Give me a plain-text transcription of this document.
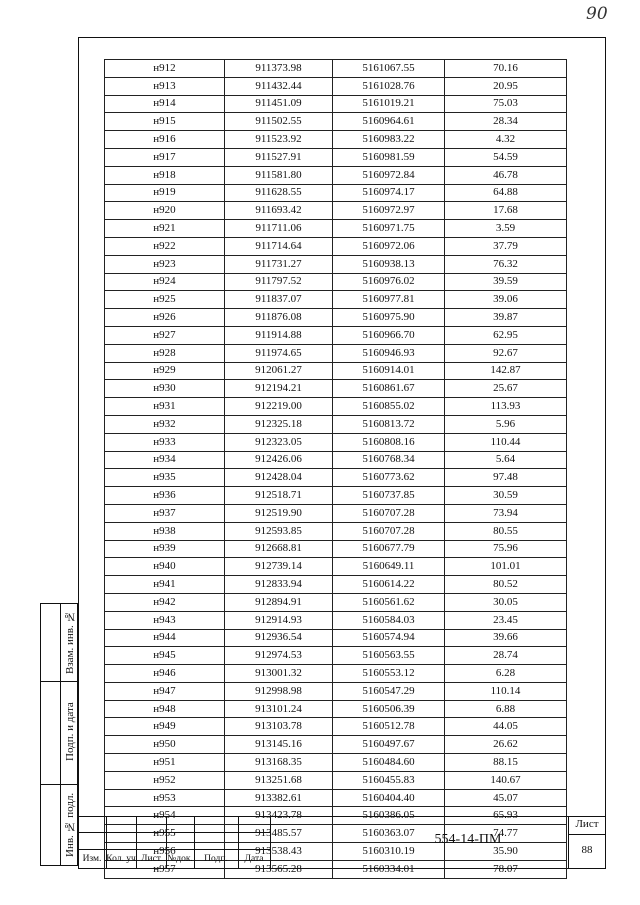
90
н912	911373.98	5161067.55	70.16
н913	911432.44	5161028.76	20.95
н914	911451.09	5161019.21	75.03
н915	911502.55	5160964.61	28.34
н916	911523.92	5160983.22	4.32
н917	911527.91	5160981.59	54.59
н918	911581.80	5160972.84	46.78
н919	911628.55	5160974.17	64.88
н920	911693.42	5160972.97	17.68
н921	911711.06	5160971.75	3.59
н922	911714.64	5160972.06	37.79
н923	911731.27	5160938.13	76.32
н924	911797.52	5160976.02	39.59
н925	911837.07	5160977.81	39.06
н926	911876.08	5160975.90	39.87
н927	911914.88	5160966.70	62.95
н928	911974.65	5160946.93	92.67
н929	912061.27	5160914.01	142.87
н930	912194.21	5160861.67	25.67
н931	912219.00	5160855.02	113.93
н932	912325.18	5160813.72	5.96
н933	912323.05	5160808.16	110.44
н934	912426.06	5160768.34	5.64
н935	912428.04	5160773.62	97.48
н936	912518.71	5160737.85	30.59
н937	912519.90	5160707.28	73.94
н938	912593.85	5160707.28	80.55
н939	912668.81	5160677.79	75.96
н940	912739.14	5160649.11	101.01
н941	912833.94	5160614.22	80.52
н942	912894.91	5160561.62	30.05
н943	912914.93	5160584.03	23.45
н944	912936.54	5160574.94	39.66
н945	912974.53	5160563.55	28.74
н946	913001.32	5160553.12	6.28
н947	912998.98	5160547.29	110.14
н948	913101.24	5160506.39	6.88
н949	913103.78	5160512.78	44.05
н950	913145.16	5160497.67	26.62
н951	913168.35	5160484.60	88.15
н952	913251.68	5160455.83	140.67
н953	913382.61	5160404.40	45.07
н954	913423.78	5160386.05	65.93
н955	913485.57	5160363.07	74.77
н956	913538.43	5160310.19	35.90
н957	913565.28	5160334.01	78.07
Взам. инв. №
Подп. и дата
Инв. № подл.
Изм. Кол. уч Лист №док.	Подп.	Дата
554-14-ПМ
Лист
88
